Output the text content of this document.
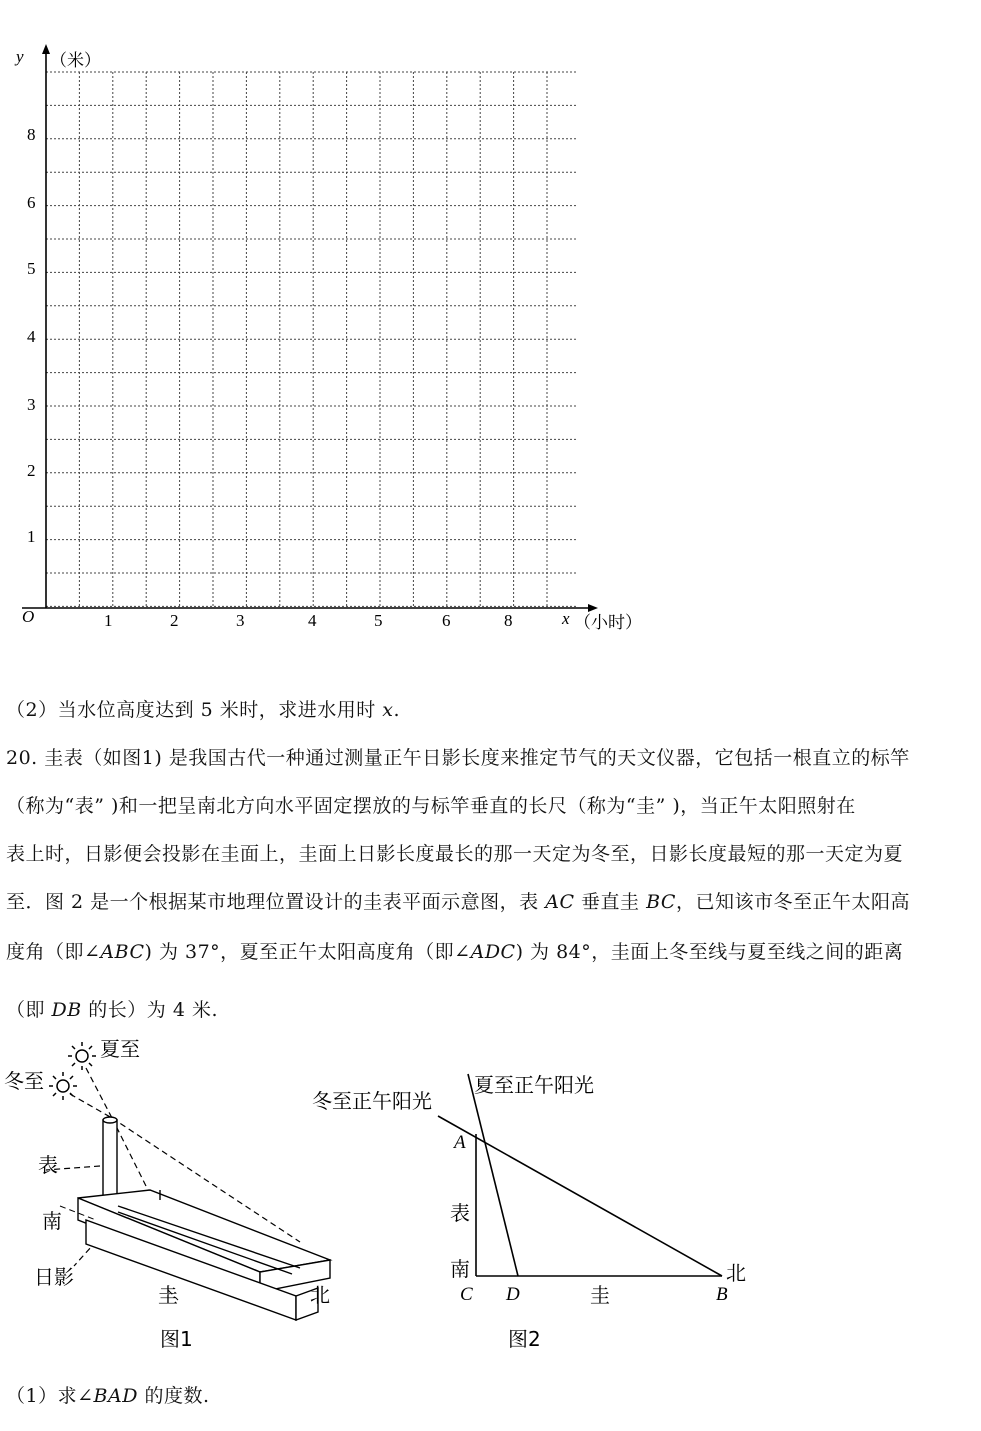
y （米）
O	x （小时）
8
6
5
4
3
2
1
1	2	3	4	5	6	8
（2）当水位高度达到 5 米时，求进水用时 x.
20. 圭表（如图1) 是我国古代一种通过测量正午日影长度来推定节气的天文仪器，它包括一根直立的标竿
（称为“表” )和一把呈南北方向水平固定摆放的与标竿垂直的长尺（称为“圭” )，当正午太阳照射在
表上时，日影便会投影在圭面上，圭面上日影长度最长的那一天定为冬至，日影长度最短的那一天定为夏
至．图 2 是一个根据某市地理位置设计的圭表平面示意图，表 AC 垂直圭 BC，已知该市冬至正午太阳高
度角（即∠ABC) 为 37°，夏至正午太阳高度角（即∠ADC) 为 84°，圭面上冬至线与夏至线之间的距离
（即 DB 的长）为 4 米.
夏至
冬至
表
南
日影
圭	北
图1
冬至正午阳光
夏至正午阳光
A
表
南
C D	圭	B
北
图2
（1）求∠BAD 的度数.
